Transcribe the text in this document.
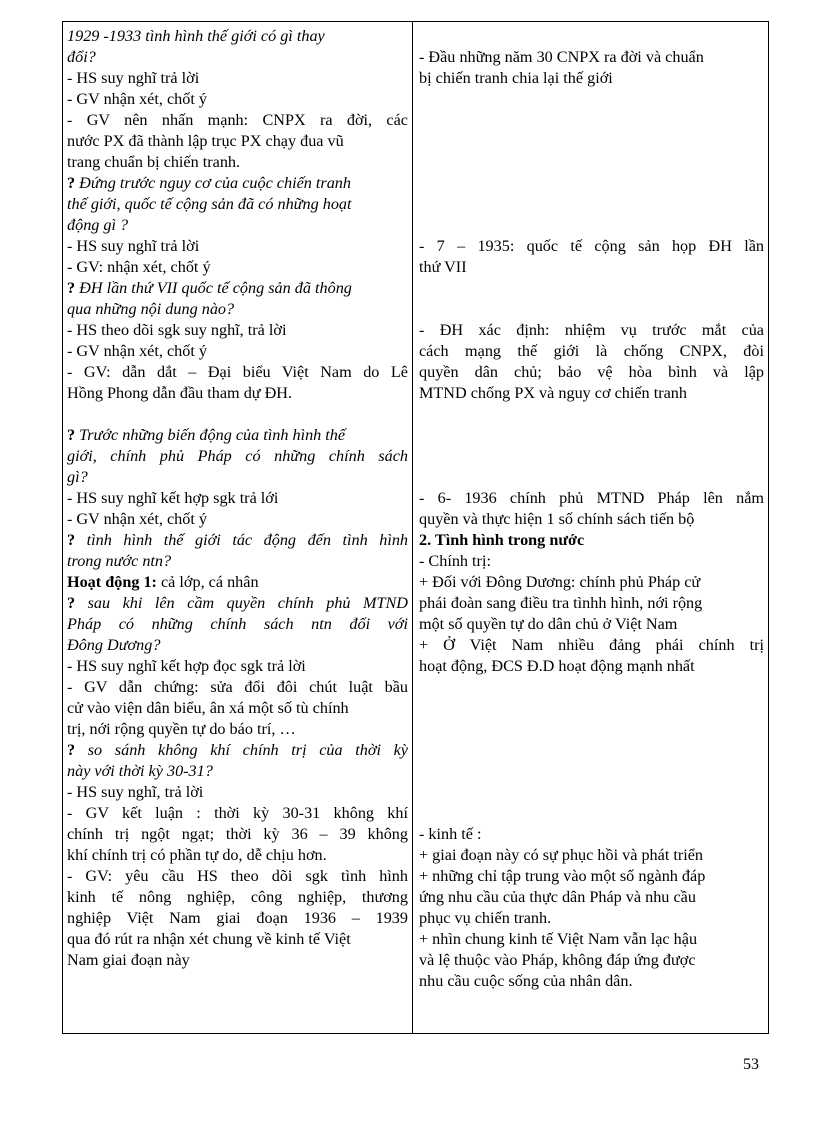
1929 -1933 tình hình thế giới có gì thay
đổi?
- HS suy nghĩ trả lời
- GV nhận xét, chốt ý
- GV nên nhấn mạnh: CNPX ra đời, các
nước PX đã thành lập trục PX chạy đua vũ
trang chuẩn bị chiến tranh.
? Đứng trước nguy cơ của cuộc chiến tranh
thế giới, quốc tế cộng sản đã có những hoạt
động gì ?
- HS suy nghĩ trả lời
- GV: nhận xét, chốt ý
? ĐH lần thứ VII quốc tế cộng sản đã thông
qua những nội dung nào?
- HS theo dõi sgk suy nghĩ, trả lời
- GV nhận xét, chốt ý
- GV: dẫn dắt – Đại biểu Việt Nam do Lê
Hồng Phong dẫn đầu tham dự ĐH.
? Trước những biến động của tình hình thế
giới, chính phủ Pháp có những chính sách
gì?
- HS suy nghĩ kết hợp sgk trả lới
- GV nhận xét, chốt ý
? tình hình thế giới tác động đến tình hình
trong nước ntn?
Hoạt động 1: cả lớp, cá nhân
? sau khi lên cầm quyền chính phủ MTND
Pháp có những chính sách ntn đối với
Đông Dương?
- HS suy nghĩ kết hợp đọc sgk trả lời
- GV dẫn chứng: sửa đổi đôi chút luật bầu
cử vào viện dân biểu, ân xá một số tù chính
trị, nới rộng quyền tự do báo trí, …
? so sánh không khí chính trị của thời kỳ
này với thời kỳ 30-31?
- HS suy nghĩ, trả lời
- GV kết luận : thời kỳ 30-31 không khí
chính trị ngột ngạt; thời kỳ 36 – 39 không
khí chính trị có phần tự do, dễ chịu hơn.
- GV: yêu cầu HS theo dõi sgk tình hình
kinh tế nông nghiệp, công nghiệp, thương
nghiệp Việt Nam giai đoạn 1936 – 1939
qua đó rút ra nhận xét chung về kinh tế Việt
Nam giai đoạn này
- Đầu những năm 30 CNPX ra đời và chuẩn
bị chiến tranh chia lại thế giới
- 7 – 1935: quốc tế cộng sản họp ĐH lần
thứ VII
- ĐH xác định: nhiệm vụ trước mắt của
cách mạng thế giới là chống CNPX, đòi
quyền dân chủ; bảo vệ hòa bình và lập
MTND chống PX và nguy cơ chiến tranh
- 6- 1936 chính phủ MTND Pháp lên nắm
quyền và thực hiện 1 số chính sách tiến bộ
2. Tình hình trong nước
- Chính trị:
+ Đối với Đông Dương: chính phủ Pháp cử
phái đoàn sang điều tra tìnhh hình, nới rộng
một số quyền tự do dân chủ ở Việt Nam
+ Ở Việt Nam nhiều đảng phái chính trị
hoạt động, ĐCS Đ.D hoạt động mạnh nhất
- kinh tế :
+ giai đoạn này có sự phục hồi và phát triển
+ những chỉ tập trung vào một số ngành đáp
ứng nhu cầu của thực dân Pháp và nhu cầu
phục vụ chiến tranh.
+ nhìn chung kinh tế Việt Nam vẫn lạc hậu
và lệ thuộc vào Pháp, không đáp ứng được
nhu cầu cuộc sống của nhân dân.
53
